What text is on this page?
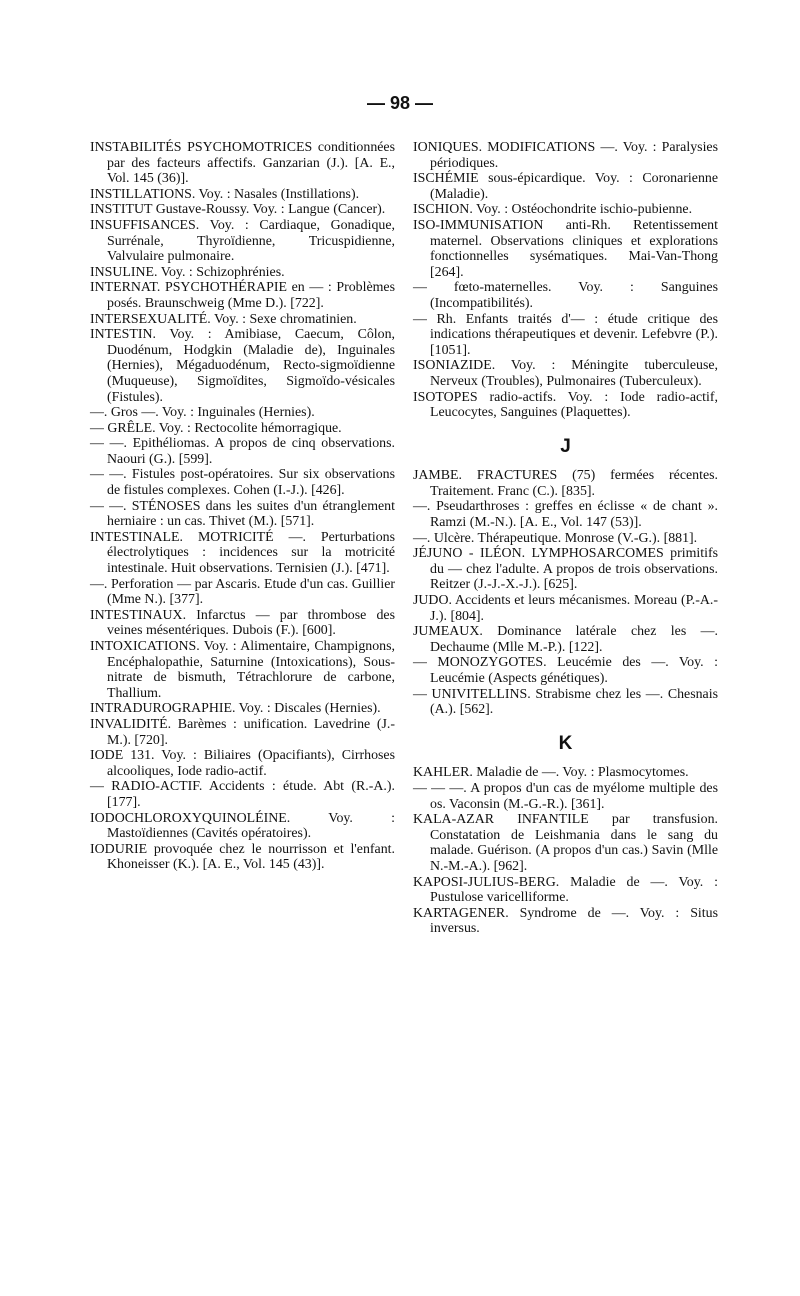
— 98 —

INSTABILITÉS PSYCHOMOTRICES conditionnées par des facteurs affectifs. Ganzarian (J.). [A. E., Vol. 145 (36)].

INSTILLATIONS. Voy. : Nasales (Instillations).

INSTITUT Gustave-Roussy. Voy. : Langue (Cancer).

INSUFFISANCES. Voy. : Cardiaque, Gonadique, Surrénale, Thyroïdienne, Tricuspidienne, Valvulaire pulmonaire.

INSULINE. Voy. : Schizophrénies.

INTERNAT. PSYCHOTHÉRAPIE en — : Problèmes posés. Braunschweig (Mme D.). [722].

INTERSEXUALITÉ. Voy. : Sexe chromatinien.

INTESTIN. Voy. : Amibiase, Caecum, Côlon, Duodénum, Hodgkin (Maladie de), Inguinales (Hernies), Mégaduodénum, Recto-sigmoïdienne (Muqueuse), Sigmoïdites, Sigmoïdo-vésicales (Fistules).

—. Gros —. Voy. : Inguinales (Hernies).

— GRÊLE. Voy. : Rectocolite hémorragique.

— —. Epithéliomas. A propos de cinq observations. Naouri (G.). [599].

— —. Fistules post-opératoires. Sur six observations de fistules complexes. Cohen (I.-J.). [426].

— —. STÉNOSES dans les suites d'un étranglement herniaire : un cas. Thivet (M.). [571].

INTESTINALE. MOTRICITÉ —. Perturbations électrolytiques : incidences sur la motricité intestinale. Huit observations. Ternisien (J.). [471].

—. Perforation — par Ascaris. Etude d'un cas. Guillier (Mme N.). [377].

INTESTINAUX. Infarctus — par thrombose des veines mésentériques. Dubois (F.). [600].

INTOXICATIONS. Voy. : Alimentaire, Champignons, Encéphalopathie, Saturnine (Intoxications), Sous-nitrate de bismuth, Tétrachlorure de carbone, Thallium.

INTRADUROGRAPHIE. Voy. : Discales (Hernies).

INVALIDITÉ. Barèmes : unification. Lavedrine (J.-M.). [720].

IODE 131. Voy. : Biliaires (Opacifiants), Cirrhoses alcooliques, Iode radio-actif.

— RADIO-ACTIF. Accidents : étude. Abt (R.-A.). [177].

IODOCHLOROXYQUINOLÉINE. Voy. : Mastoïdiennes (Cavités opératoires).

IODURIE provoquée chez le nourrisson et l'enfant. Khoneisser (K.). [A. E., Vol. 145 (43)].

IONIQUES. MODIFICATIONS —. Voy. : Paralysies périodiques.

ISCHÉMIE sous-épicardique. Voy. : Coronarienne (Maladie).

ISCHION. Voy. : Ostéochondrite ischio-pubienne.

ISO-IMMUNISATION anti-Rh. Retentissement maternel. Observations cliniques et explorations fonctionnelles sysématiques. Mai-Van-Thong [264].

— fœto-maternelles. Voy. : Sanguines (Incompatibilités).

— Rh. Enfants traités d'— : étude critique des indications thérapeutiques et devenir. Lefebvre (P.). [1051].

ISONIAZIDE. Voy. : Méningite tuberculeuse, Nerveux (Troubles), Pulmonaires (Tuberculeux).

ISOTOPES radio-actifs. Voy. : Iode radio-actif, Leucocytes, Sanguines (Plaquettes).

J

JAMBE. FRACTURES (75) fermées récentes. Traitement. Franc (C.). [835].

—. Pseudarthroses : greffes en éclisse « de chant ». Ramzi (M.-N.). [A. E., Vol. 147 (53)].

—. Ulcère. Thérapeutique. Monrose (V.-G.). [881].

JÉJUNO - ILÉON. LYMPHOSARCOMES primitifs du — chez l'adulte. A propos de trois observations. Reitzer (J.-J.-X.-J.). [625].

JUDO. Accidents et leurs mécanismes. Moreau (P.-A.-J.). [804].

JUMEAUX. Dominance latérale chez les —. Dechaume (Mlle M.-P.). [122].

— MONOZYGOTES. Leucémie des —. Voy. : Leucémie (Aspects génétiques).

— UNIVITELLINS. Strabisme chez les —. Chesnais (A.). [562].

K

KAHLER. Maladie de —. Voy. : Plasmocytomes.

— — —. A propos d'un cas de myélome multiple des os. Vaconsin (M.-G.-R.). [361].

KALA-AZAR INFANTILE par transfusion. Constatation de Leishmania dans le sang du malade. Guérison. (A propos d'un cas.) Savin (Mlle N.-M.-A.). [962].

KAPOSI-JULIUS-BERG. Maladie de —. Voy. : Pustulose varicelliforme.

KARTAGENER. Syndrome de —. Voy. : Situs inversus.
